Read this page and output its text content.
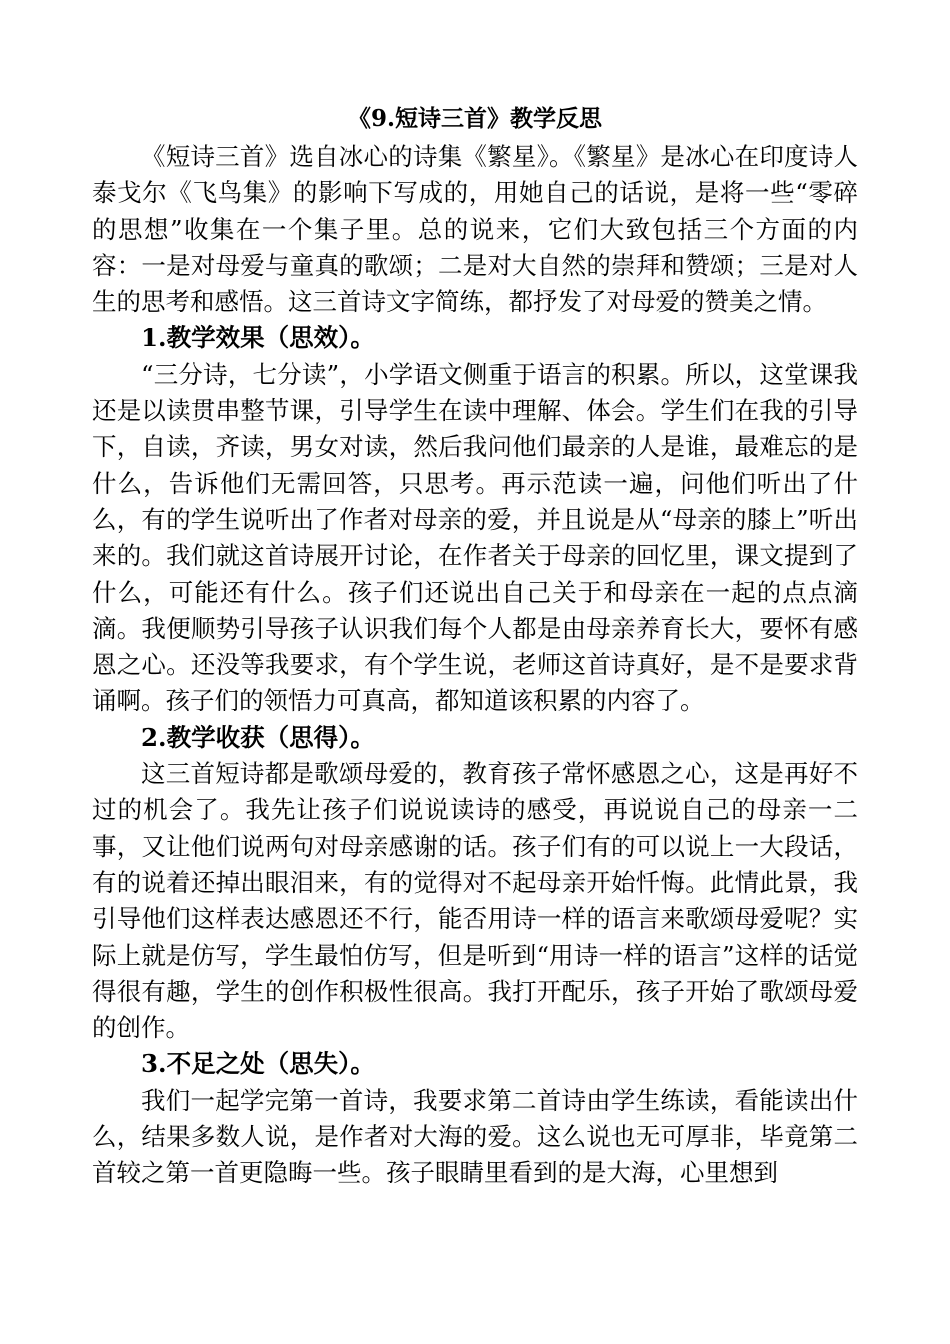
《9.短诗三首》教学反思

《短诗三首》选自冰心的诗集《繁星》。《繁星》是冰心在印度诗人泰戈尔《飞鸟集》的影响下写成的，用她自己的话说，是将一些“零碎的思想”收集在一个集子里。总的说来，它们大致包括三个方面的内容：一是对母爱与童真的歌颂；二是对大自然的崇拜和赞颂；三是对人生的思考和感悟。这三首诗文字简练，都抒发了对母爱的赞美之情。

1.教学效果（思效）。

“三分诗，七分读”，小学语文侧重于语言的积累。所以，这堂课我还是以读贯串整节课，引导学生在读中理解、体会。学生们在我的引导下，自读，齐读，男女对读，然后我问他们最亲的人是谁，最难忘的是什么，告诉他们无需回答，只思考。再示范读一遍，问他们听出了什么，有的学生说听出了作者对母亲的爱，并且说是从“母亲的膝上”听出来的。我们就这首诗展开讨论，在作者关于母亲的回忆里，课文提到了什么，可能还有什么。孩子们还说出自己关于和母亲在一起的点点滴滴。我便顺势引导孩子认识我们每个人都是由母亲养育长大，要怀有感恩之心。还没等我要求，有个学生说，老师这首诗真好，是不是要求背诵啊。孩子们的领悟力可真高，都知道该积累的内容了。

2.教学收获（思得）。

这三首短诗都是歌颂母爱的，教育孩子常怀感恩之心，这是再好不过的机会了。我先让孩子们说说读诗的感受，再说说自己的母亲一二事，又让他们说两句对母亲感谢的话。孩子们有的可以说上一大段话，有的说着还掉出眼泪来，有的觉得对不起母亲开始忏悔。此情此景，我引导他们这样表达感恩还不行，能否用诗一样的语言来歌颂母爱呢？实际上就是仿写，学生最怕仿写，但是听到“用诗一样的语言”这样的话觉得很有趣，学生的创作积极性很高。我打开配乐，孩子开始了歌颂母爱的创作。

3.不足之处（思失）。

我们一起学完第一首诗，我要求第二首诗由学生练读，看能读出什么，结果多数人说，是作者对大海的爱。这么说也无可厚非，毕竟第二首较之第一首更隐晦一些。孩子眼睛里看到的是大海，心里想到
